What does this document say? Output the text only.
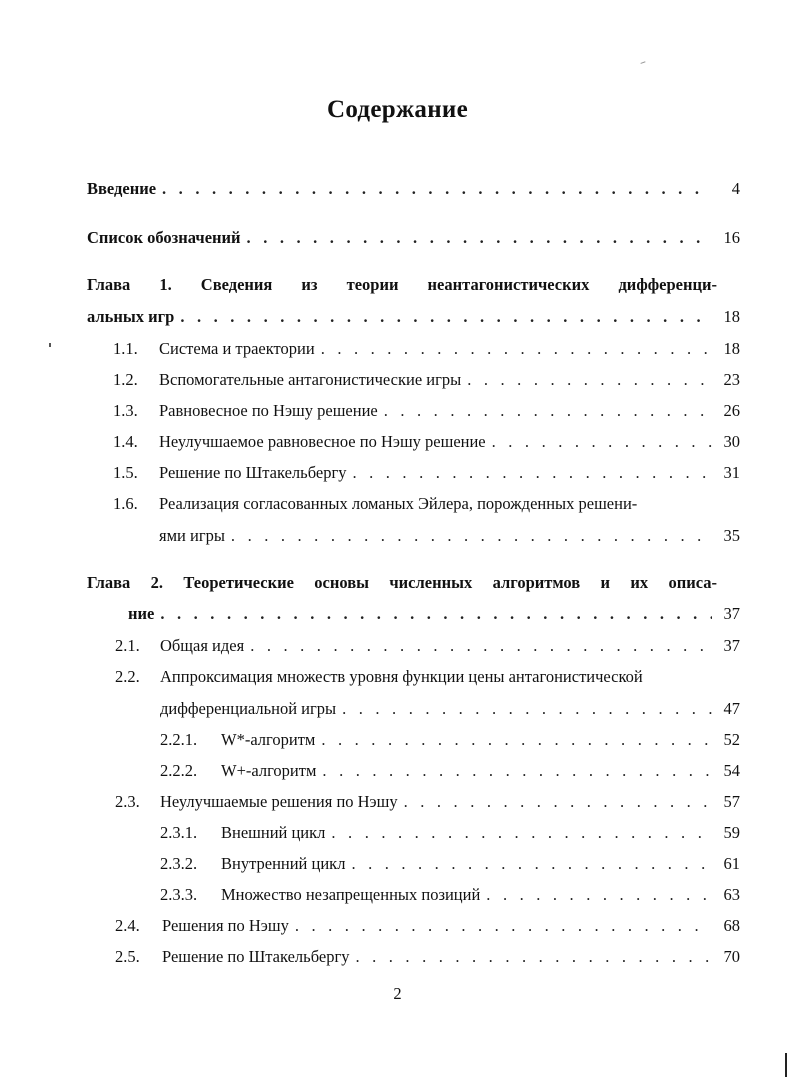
Содержание
Введение . . .	4
Список обозначений . . .	16
Глава 1. Сведения из теории неантагонистических дифференци-
альных игр . . .	18
1.1.	Система и траектории . . .	18
1.2.	Вспомогательные антагонистические игры . . .	23
1.3.	Равновесное по Нэшу решение . . .	26
1.4.	Неулучшаемое равновесное по Нэшу решение . . .	30
1.5.	Решение по Штакельбергу . . .	31
1.6. Реализация согласованных ломаных Эйлера, порожденных решени-
ями игры . . .	35
Глава 2. Теоретические основы численных алгоритмов и их описа-
ние . . .	37
2.1.	Общая идея . . .	37
2.2. Аппроксимация множеств уровня функции цены антагонистической
дифференциальной игры . . .	47
2.2.1.	W*-алгоритм . . .	52
2.2.2.	W+-алгоритм . . .	54
2.3.	Неулучшаемые решения по Нэшу . . .	57
2.3.1.	Внешний цикл . . .	59
2.3.2.	Внутренний цикл . . .	61
2.3.3.	Множество незапрещенных позиций . . .	63
2.4.	Решения по Нэшу . . .	68
2.5.	Решение по Штакельбергу . . .	70
2
